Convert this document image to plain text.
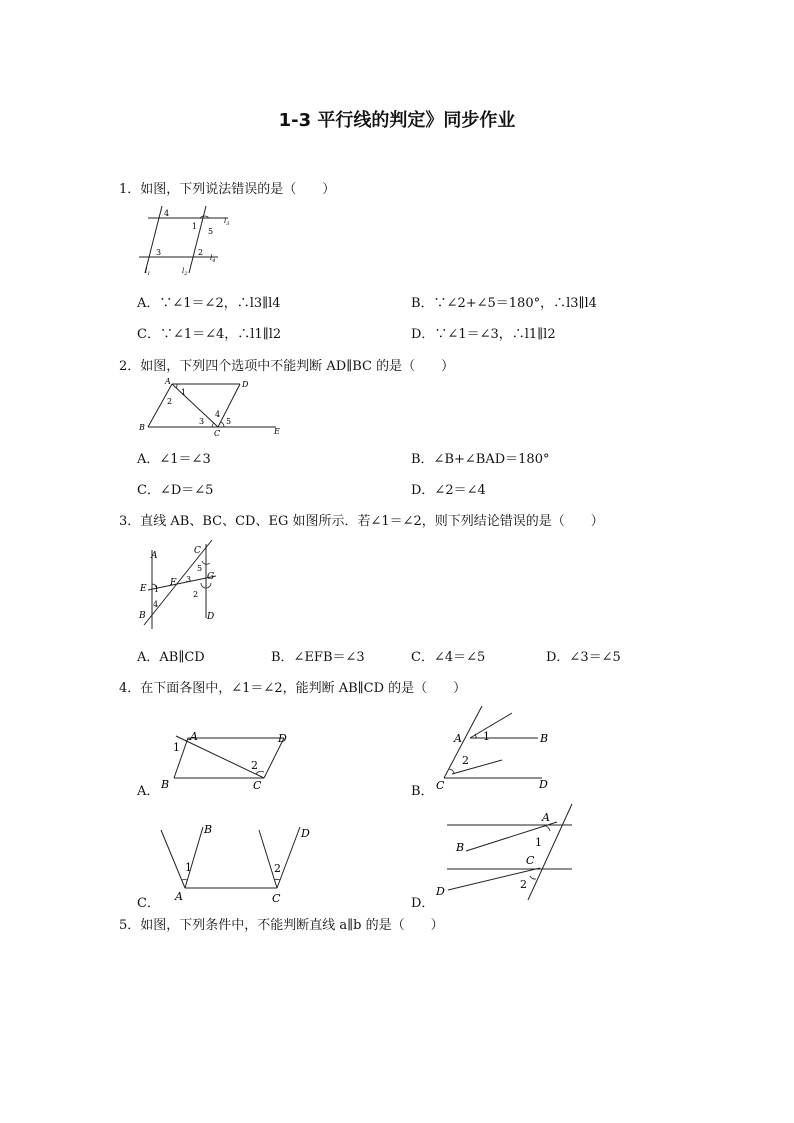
1-3 平行线的判定》同步作业
1．如图，下列说法错误的是（　　）
4
1
5
3	2
$l_3$
$l_4$
$l_1$	$l_2$
A．∵∠1＝∠2，∴l3∥l4	B．∵∠2+∠5＝180°，∴l3∥l4
C．∵∠1＝∠4，∴l1∥l2	D．∵∠1＝∠3，∴l1∥l2
2．如图，下列四个选项中不能判断 AD∥BC 的是（　　）
A	D
B
C	E
1
2
3
4
5
A．∠1＝∠3	B．∠B+∠BAD＝180°
C．∠D＝∠5	D．∠2＝∠4
3．直线 AB、BC、CD、EG 如图所示．若∠1＝∠2，则下列结论错误的是（　　）
A
E
B
C
F
G
D
1
2
3
4
5
A．AB∥CD	B．∠EFB＝∠3	C．∠4＝∠5	D．∠3＝∠5
4．在下面各图中，∠1＝∠2，能判断 AB∥CD 的是（　　）
A．
A	D
B	C
1
2
B．
A	B
C	D
1
2
C．
B	D
A	C
1	2
D．
A
B
C
D
1
2
5．如图，下列条件中，不能判断直线 a∥b 的是（　　）
